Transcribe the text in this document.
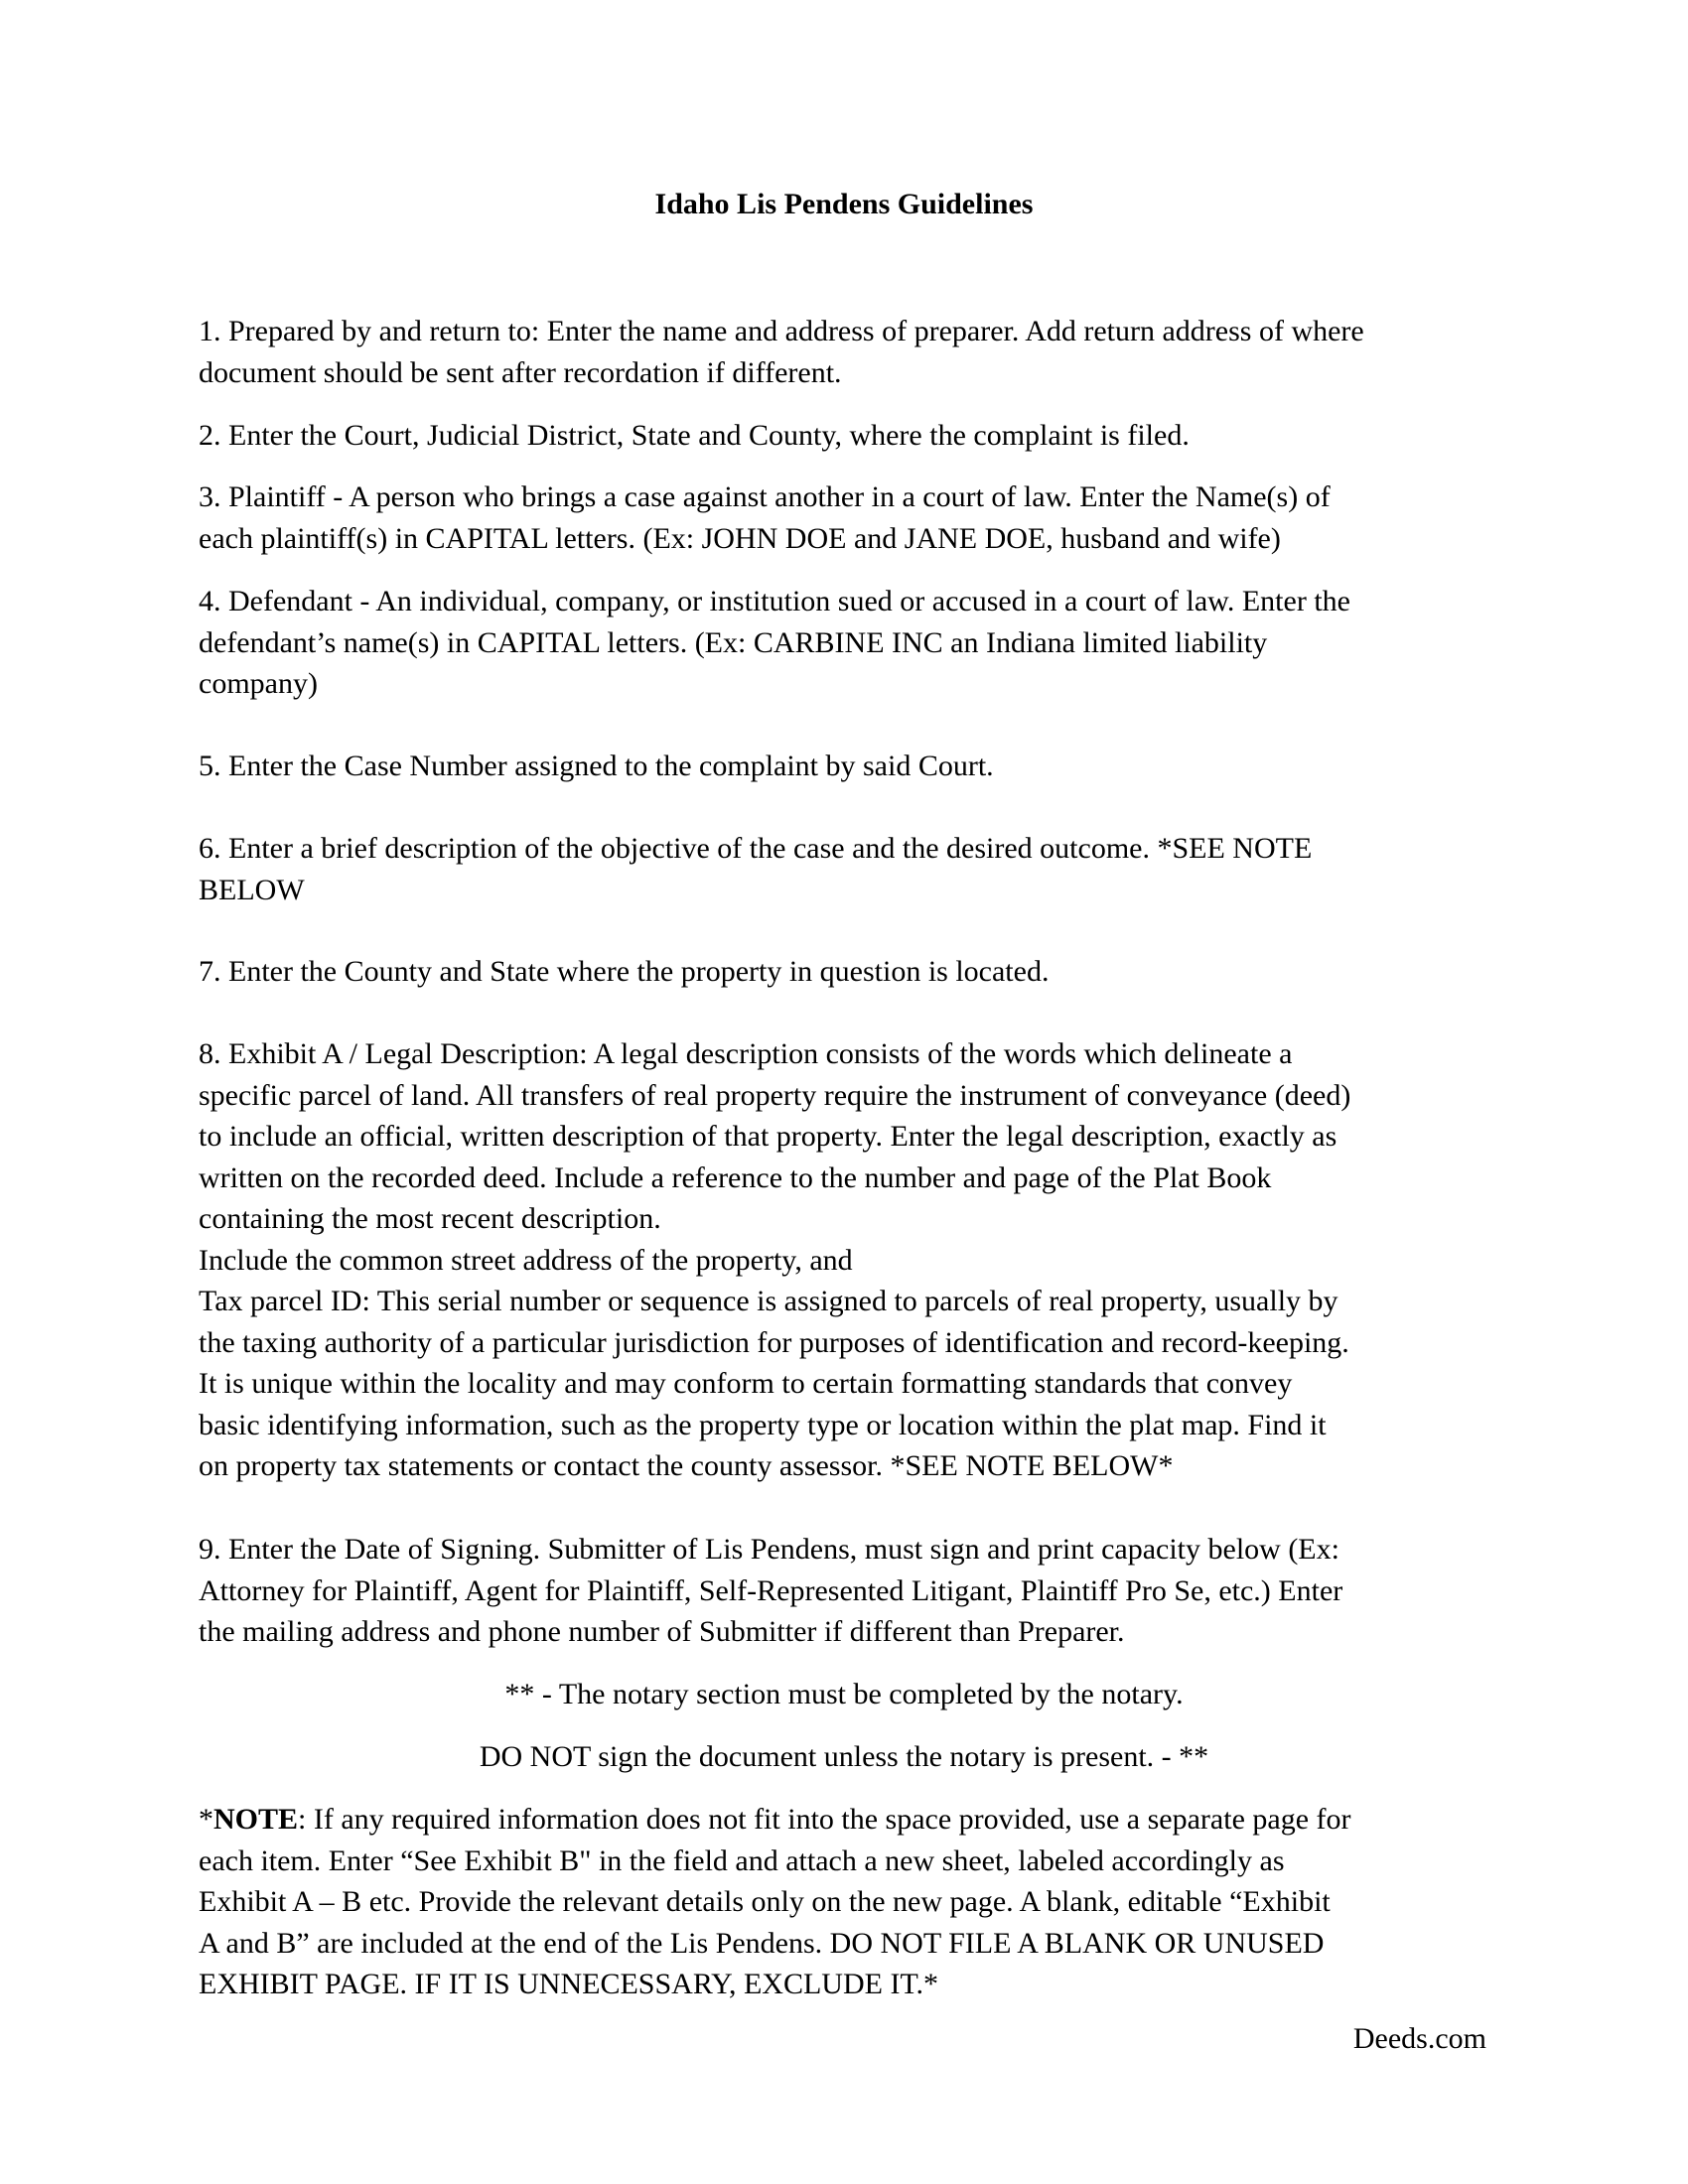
Idaho Lis Pendens Guidelines
1. Prepared by and return to: Enter the name and address of preparer. Add return address of where
document should be sent after recordation if different.
2. Enter the Court, Judicial District, State and County, where the complaint is filed.
3. Plaintiff - A person who brings a case against another in a court of law. Enter the Name(s) of
each plaintiff(s) in CAPITAL letters. (Ex: JOHN DOE and JANE DOE, husband and wife)
4. Defendant - An individual, company, or institution sued or accused in a court of law. Enter the
defendant’s name(s) in CAPITAL letters. (Ex: CARBINE INC an Indiana limited liability
company)
5. Enter the Case Number assigned to the complaint by said Court.
6. Enter a brief description of the objective of the case and the desired outcome. *SEE NOTE
BELOW
7. Enter the County and State where the property in question is located.
8. Exhibit A / Legal Description: A legal description consists of the words which delineate a
specific parcel of land. All transfers of real property require the instrument of conveyance (deed)
to include an official, written description of that property. Enter the legal description, exactly as
written on the recorded deed. Include a reference to the number and page of the Plat Book
containing the most recent description.
Include the common street address of the property, and
Tax parcel ID: This serial number or sequence is assigned to parcels of real property, usually by
the taxing authority of a particular jurisdiction for purposes of identification and record-keeping.
It is unique within the locality and may conform to certain formatting standards that convey
basic identifying information, such as the property type or location within the plat map. Find it
on property tax statements or contact the county assessor. *SEE NOTE BELOW*
9. Enter the Date of Signing. Submitter of Lis Pendens, must sign and print capacity below (Ex:
Attorney for Plaintiff, Agent for Plaintiff, Self-Represented Litigant, Plaintiff Pro Se, etc.) Enter
the mailing address and phone number of Submitter if different than Preparer.
** - The notary section must be completed by the notary.
DO NOT sign the document unless the notary is present. - **
*NOTE: If any required information does not fit into the space provided, use a separate page for
each item. Enter “See Exhibit B" in the field and attach a new sheet, labeled accordingly as
Exhibit A – B etc. Provide the relevant details only on the new page. A blank, editable “Exhibit
A and B” are included at the end of the Lis Pendens. DO NOT FILE A BLANK OR UNUSED
EXHIBIT PAGE. IF IT IS UNNECESSARY, EXCLUDE IT.*
Deeds.com
